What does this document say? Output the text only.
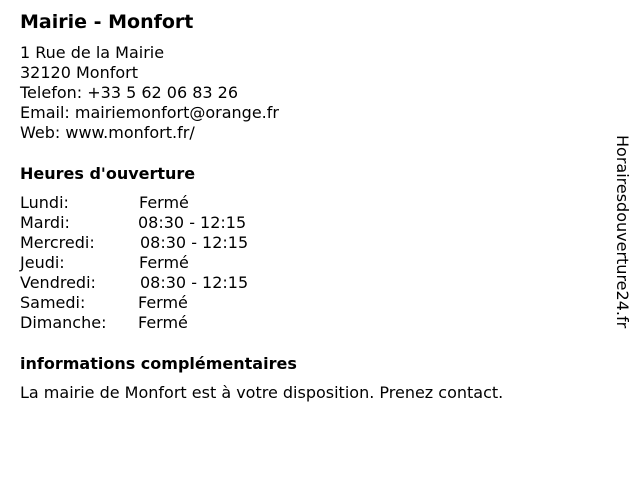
Mairie - Monfort
1 Rue de la Mairie
32120 Monfort
Telefon: +33 5 62 06 83 26
Email: mairiemonfort@orange.fr
Web: www.monfort.fr/
Heures d'ouverture
Lundi:	Fermé
Mardi:	08:30 - 12:15
Mercredi:	08:30 - 12:15
Jeudi:	Fermé
Vendredi:	08:30 - 12:15
Samedi:	Fermé
Dimanche: Fermé
informations complémentaires
La mairie de Monfort est à votre disposition. Prenez contact.
Horairesdouverture24.fr
